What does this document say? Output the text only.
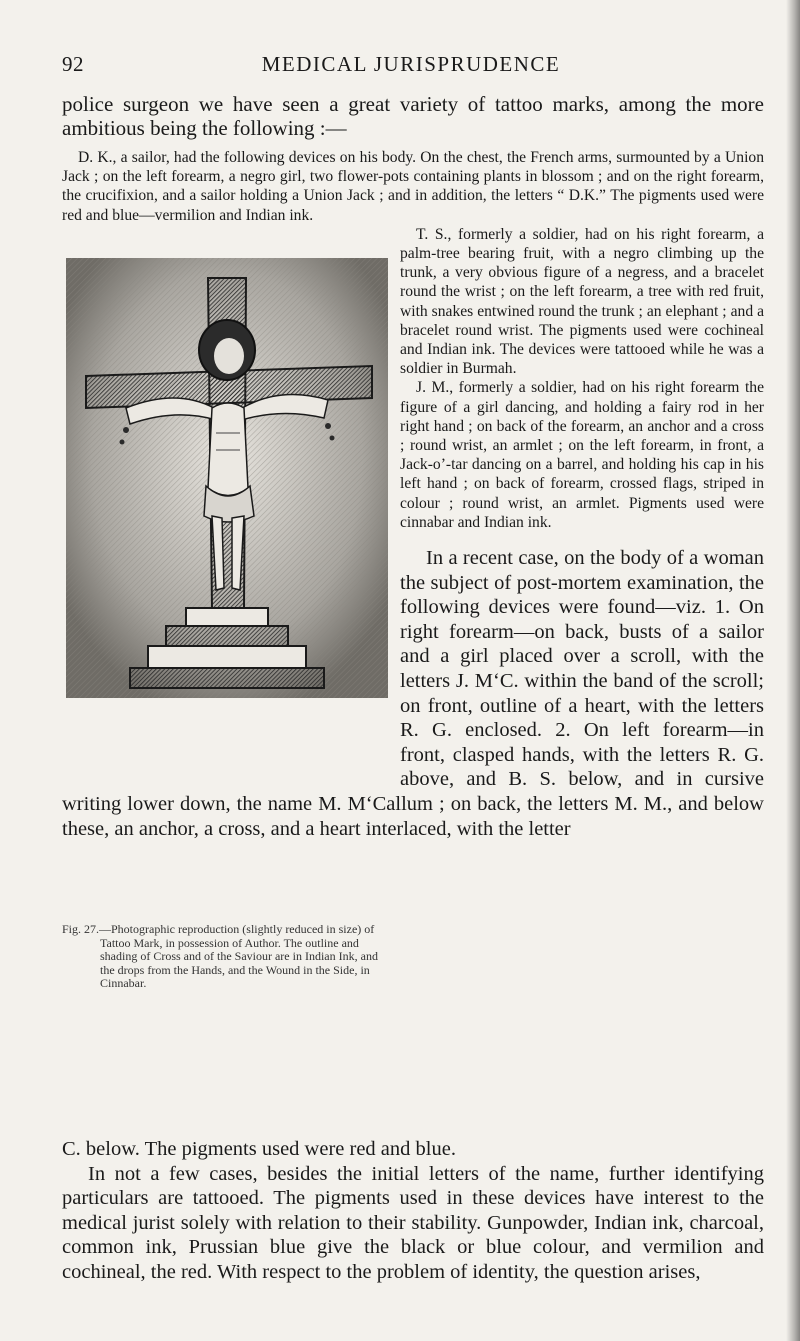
92	MEDICAL JURISPRUDENCE

police surgeon we have seen a great variety of tattoo marks, among the more ambitious being the following :—

D. K., a sailor, had the following devices on his body. On the chest, the French arms, surmounted by a Union Jack ; on the left forearm, a negro girl, two flower-pots containing plants in blossom ; and on the right forearm, the crucifixion, and a sailor holding a Union Jack ; and in addition, the letters “ D.K.” The pigments used were red and blue—vermilion and Indian ink.

T. S., formerly a soldier, had on his right forearm, a palm-tree bearing fruit, with a negro climbing up the trunk, a very obvious figure of a negress, and a bracelet round the wrist ; on the left forearm, a tree with red fruit, with snakes entwined round the trunk ; an elephant ; and a bracelet round wrist. The pigments used were cochineal and Indian ink. The devices were tattooed while he was a soldier in Burmah.

J. M., formerly a soldier, had on his right forearm the figure of a girl dancing, and holding a fairy rod in her right hand ; on back of the forearm, an anchor and a cross ; round wrist, an armlet ; on the left forearm, in front, a Jack-o’-tar dancing on a barrel, and holding his cap in his left hand ; on back of forearm, crossed flags, striped in colour ; round wrist, an armlet. Pigments used were cinnabar and Indian ink.

In a recent case, on the body of a woman the subject of post-mortem examination, the following devices were found—viz. 1. On right forearm—on back, busts of a sailor and a girl placed over a scroll, with the letters J. M‘C. within the band of the scroll; on front, outline of a heart, with the letters R. G. enclosed. 2. On left forearm—in front, clasped hands, with the letters R. G. above, and B. S. below, and in cursive writing lower down, the name M. M‘Callum ; on back, the letters M. M., and below these, an anchor, a cross, and a heart interlaced, with the letter

Fig. 27.—Photographic reproduction (slightly reduced in size) of Tattoo Mark, in possession of Author. The outline and shading of Cross and of the Saviour are in Indian Ink, and the drops from the Hands, and the Wound in the Side, in Cinnabar.

C. below. The pigments used were red and blue.

In not a few cases, besides the initial letters of the name, further identifying particulars are tattooed. The pigments used in these devices have interest to the medical jurist solely with relation to their stability. Gunpowder, Indian ink, charcoal, common ink, Prussian blue give the black or blue colour, and vermilion and cochineal, the red. With respect to the problem of identity, the question arises,
